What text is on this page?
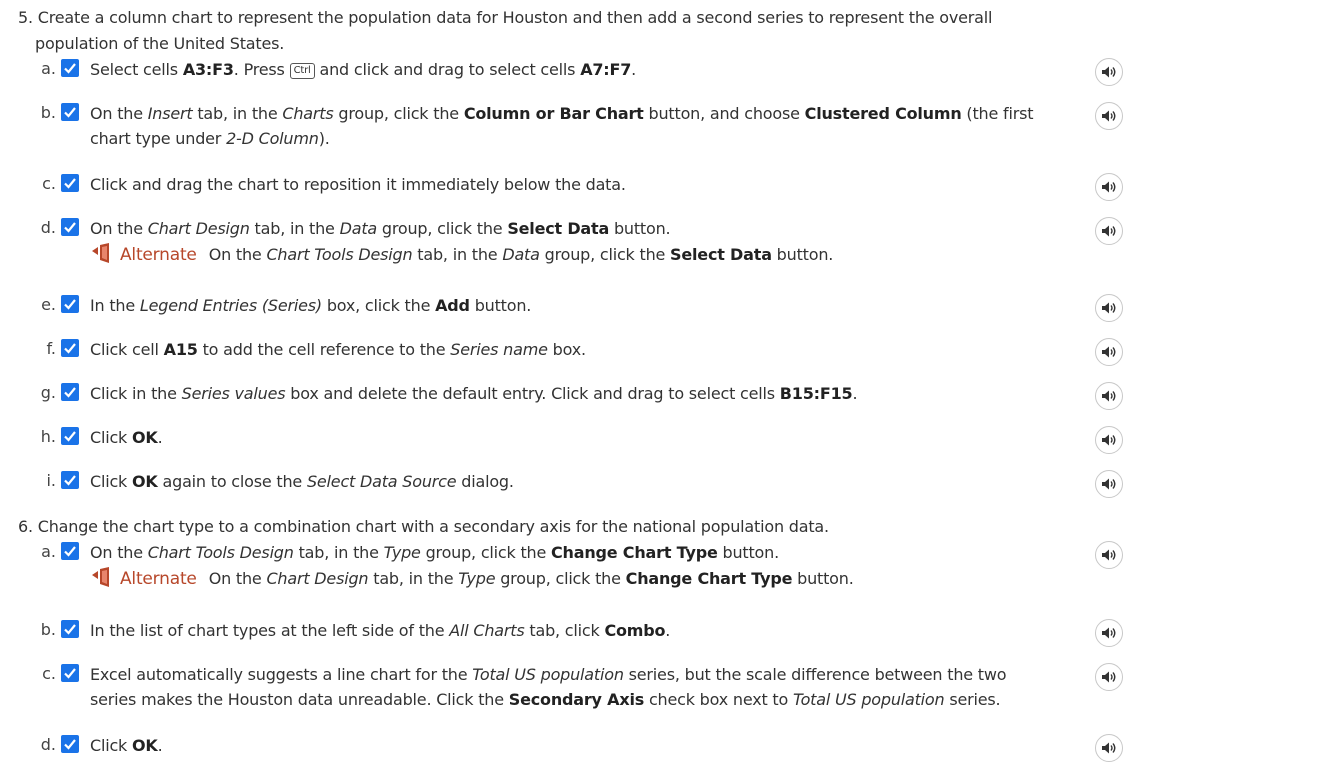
5. Create a column chart to represent the population data for Houston and then add a second series to represent the overall
population of the United States.
a. Select cells A3:F3. Press Ctrl and click and drag to select cells A7:F7.
b. On the Insert tab, in the Charts group, click the Column or Bar Chart button, and choose Clustered Column (the first
chart type under 2-D Column).
c. Click and drag the chart to reposition it immediately below the data.
d. On the Chart Design tab, in the Data group, click the Select Data button.
Alternate On the Chart Tools Design tab, in the Data group, click the Select Data button.
e. In the Legend Entries (Series) box, click the Add button.
f. Click cell A15 to add the cell reference to the Series name box.
g. Click in the Series values box and delete the default entry. Click and drag to select cells B15:F15.
h. Click OK.
i. Click OK again to close the Select Data Source dialog.
6. Change the chart type to a combination chart with a secondary axis for the national population data.
a. On the Chart Tools Design tab, in the Type group, click the Change Chart Type button.
Alternate On the Chart Design tab, in the Type group, click the Change Chart Type button.
b. In the list of chart types at the left side of the All Charts tab, click Combo.
c. Excel automatically suggests a line chart for the Total US population series, but the scale difference between the two
series makes the Houston data unreadable. Click the Secondary Axis check box next to Total US population series.
d. Click OK.
